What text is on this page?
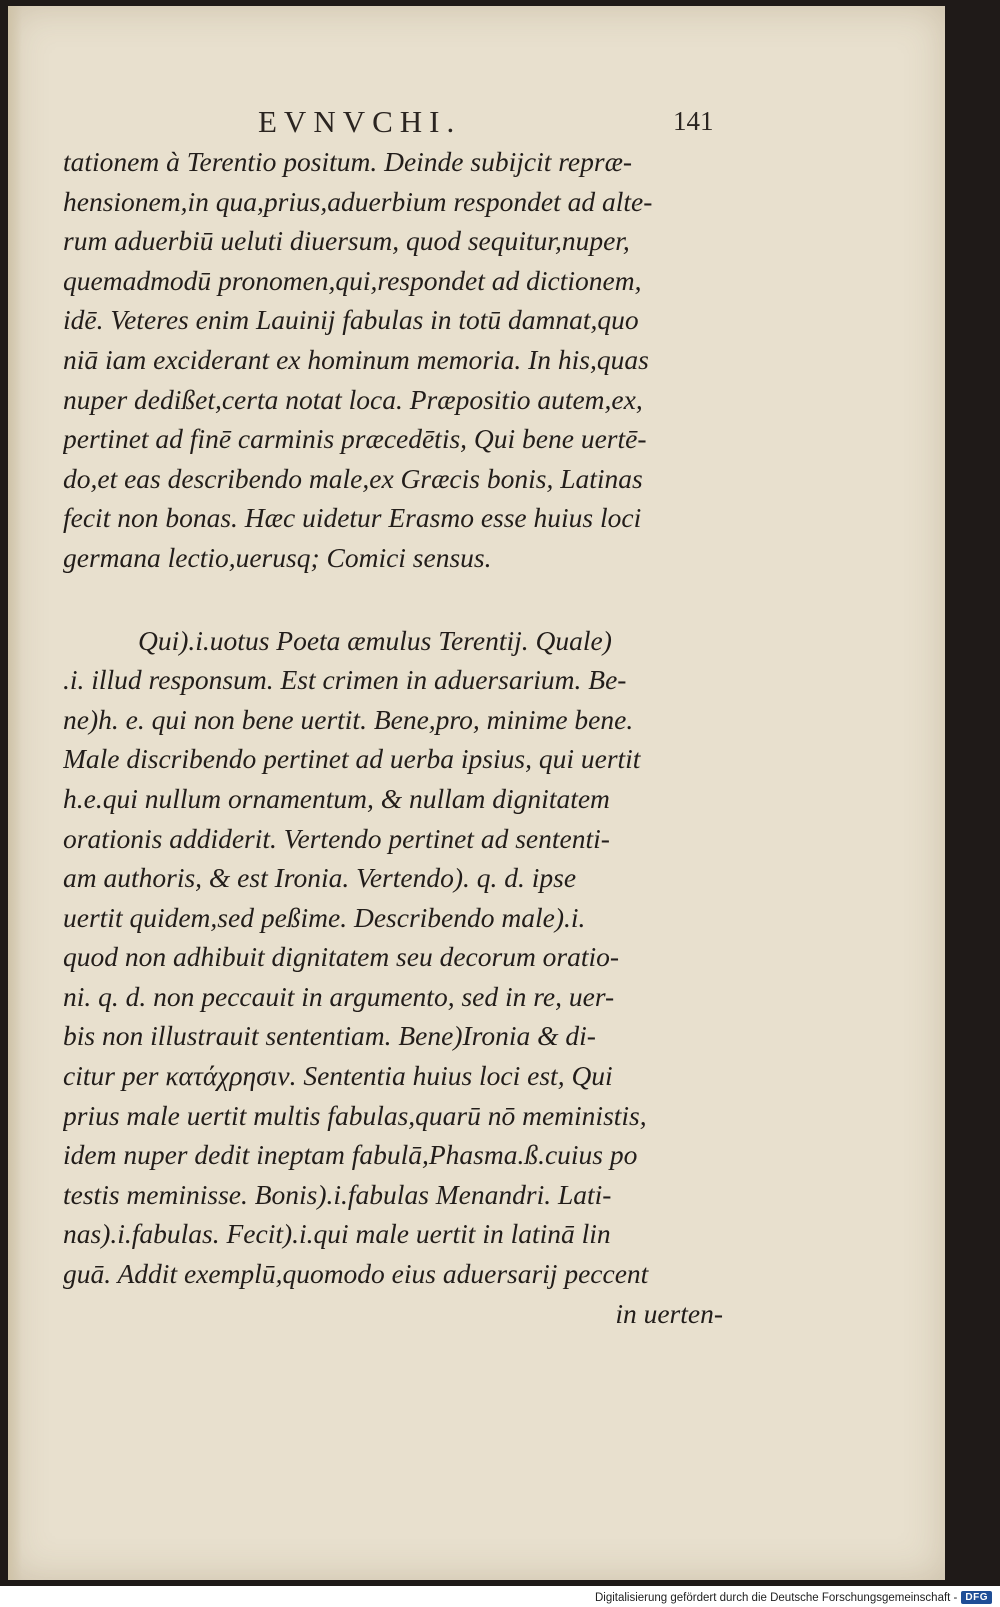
EVNVCHI.	141
tationem à Terentio positum. Deinde subijcit repræ-
hensionem,in qua,prius,aduerbium respondet ad alte-
rum aduerbiū ueluti diuersum, quod sequitur,nuper,
quemadmodū pronomen,qui,respondet ad dictionem,
idē. Veteres enim Lauinij fabulas in totū damnat,quo
niā iam exciderant ex hominum memoria. In his,quas
nuper dedißet,certa notat loca. Præpositio autem,ex,
pertinet ad finē carminis præcedētis, Qui bene uertē-
do,et eas describendo male,ex Græcis bonis, Latinas
fecit non bonas. Hæc uidetur Erasmo esse huius loci
germana lectio,uerusq; Comici sensus.
Qui).i.uotus Poeta æmulus Terentij. Quale)
.i. illud responsum. Est crimen in aduersarium. Be-
ne)h. e. qui non bene uertit. Bene,pro, minime bene.
Male discribendo pertinet ad uerba ipsius, qui uertit
h.e.qui nullum ornamentum, & nullam dignitatem
orationis addiderit. Vertendo pertinet ad sententi-
am authoris, & est Ironia. Vertendo). q. d. ipse
uertit quidem,sed peßime. Describendo male).i.
quod non adhibuit dignitatem seu decorum oratio-
ni. q. d. non peccauit in argumento, sed in re, uer-
bis non illustrauit sententiam. Bene)Ironia & di-
citur per κατάχρησιν. Sententia huius loci est, Qui
prius male uertit multis fabulas,quarū nō meministis,
idem nuper dedit ineptam fabulā,Phasma.ß.cuius po
testis meminisse. Bonis).i.fabulas Menandri. Lati-
nas).i.fabulas. Fecit).i.qui male uertit in latinā lin
guā. Addit exemplū,quomodo eius aduersarij peccent
in uerten-
Digitalisierung gefördert durch die Deutsche Forschungsgemeinschaft - DFG
